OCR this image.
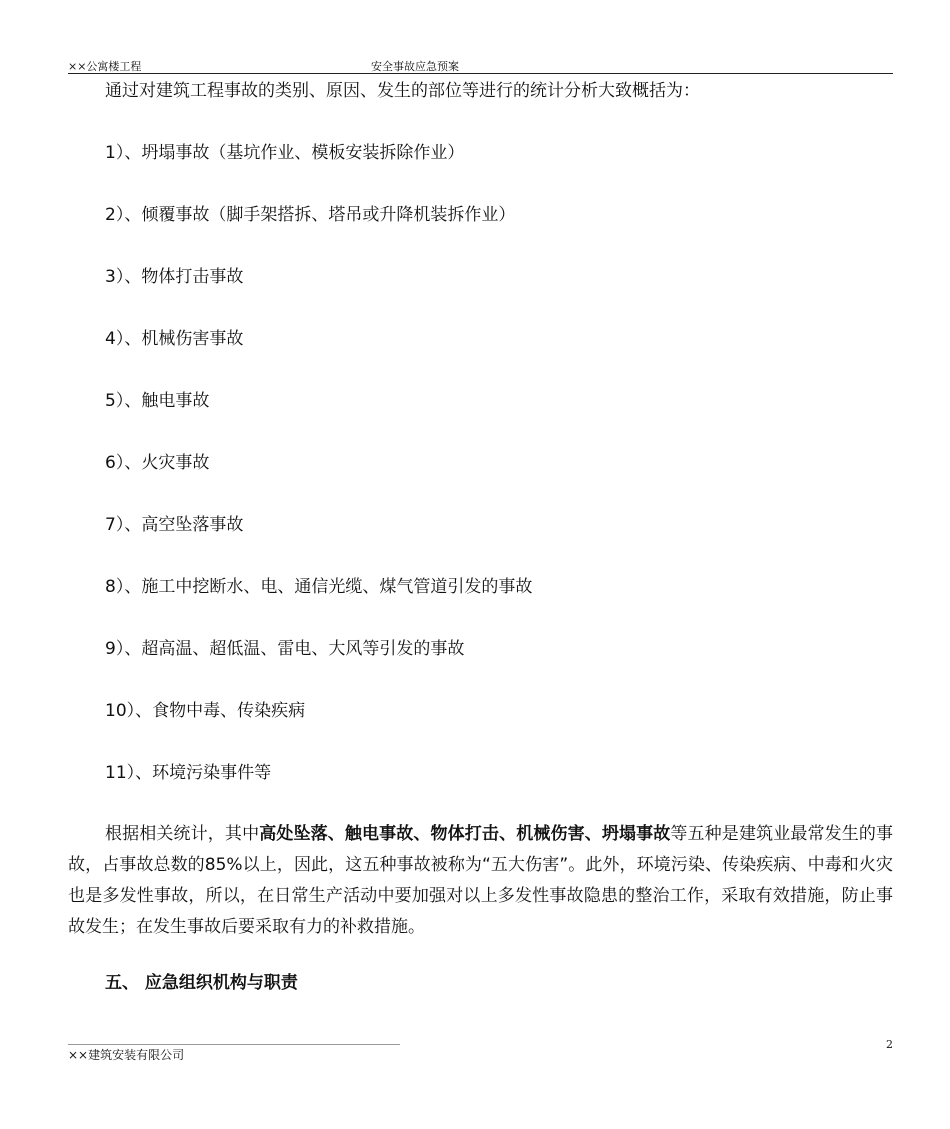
××公寓楼工程	安全事故应急预案
通过对建筑工程事故的类别、原因、发生的部位等进行的统计分析大致概括为：
1）、坍塌事故（基坑作业、模板安装拆除作业）
2）、倾覆事故（脚手架搭拆、塔吊或升降机装拆作业）
3）、物体打击事故
4）、机械伤害事故
5）、触电事故
6）、火灾事故
7）、高空坠落事故
8）、施工中挖断水、电、通信光缆、煤气管道引发的事故
9）、超高温、超低温、雷电、大风等引发的事故
10）、食物中毒、传染疾病
11）、环境污染事件等
根据相关统计，其中高处坠落、触电事故、物体打击、机械伤害、坍塌事故等五种是建筑业最常发生的事故，占事故总数的85%以上，因此，这五种事故被称为“五大伤害”。此外，环境污染、传染疾病、中毒和火灾也是多发性事故，所以，在日常生产活动中要加强对以上多发性事故隐患的整治工作，采取有效措施，防止事故发生；在发生事故后要采取有力的补救措施。
五、 应急组织机构与职责
××建筑安装有限公司
2
